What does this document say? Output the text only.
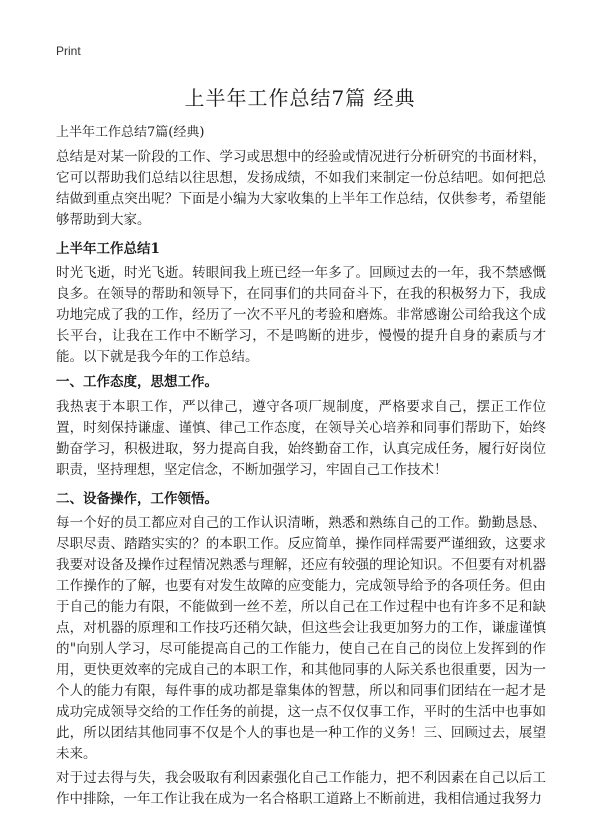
Print
上半年工作总结7篇 经典

上半年工作总结7篇(经典)

总结是对某一阶段的工作、学习或思想中的经验或情况进行分析研究的书面材料，它可以帮助我们总结以往思想，发扬成绩，不如我们来制定一份总结吧。如何把总结做到重点突出呢？下面是小编为大家收集的上半年工作总结，仅供参考，希望能够帮助到大家。

上半年工作总结1

时光飞逝，时光飞逝。转眼间我上班已经一年多了。回顾过去的一年，我不禁感慨良多。在领导的帮助和领导下，在同事们的共同奋斗下，在我的积极努力下，我成功地完成了我的工作，经历了一次不平凡的考验和磨炼。非常感谢公司给我这个成长平台，让我在工作中不断学习，不是鸣断的进步，慢慢的提升自身的素质与才能。以下就是我今年的工作总结。

一、工作态度，思想工作。

我热衷于本职工作，严以律己，遵守各项厂规制度，严格要求自己，摆正工作位置，时刻保持谦虚、谨慎、律己工作态度，在领导关心培养和同事们帮助下，始终勤奋学习，积极进取，努力提高自我，始终勤奋工作，认真完成任务，履行好岗位职责，坚持理想，坚定信念，不断加强学习，牢固自己工作技术！

二、设备操作，工作领悟。

每一个好的员工都应对自己的工作认识清晰，熟悉和熟练自己的工作。勤勤恳恳、尽职尽责、踏踏实实的？的本职工作。反应简单，操作同样需要严谨细致，这要求我要对设备及操作过程情况熟悉与理解，还应有较强的理论知识。不但要有对机器工作操作的了解，也要有对发生故障的应变能力，完成领导给予的各项任务。但由于自己的能力有限，不能做到一丝不差，所以自己在工作过程中也有许多不足和缺点，对机器的原理和工作技巧还稍欠缺，但这些会让我更加努力的工作，谦虚谨慎的"向别人学习，尽可能提高自己的工作能力，使自己在自己的岗位上发挥到的作用，更快更效率的完成自己的本职工作，和其他同事的人际关系也很重要，因为一个人的能力有限，每件事的成功都是靠集体的智慧，所以和同事们团结在一起才是成功完成领导交给的工作任务的前提，这一点不仅仅事工作，平时的生活中也事如此，所以团结其他同事不仅是个人的事也是一种工作的义务！三、回顾过去，展望未来。

对于过去得与失，我会吸取有利因素强化自己工作能力，把不利因素在自己以后工作中排除，一年工作让我在成为一名合格职工道路上不断前进，我相信通过我努力
